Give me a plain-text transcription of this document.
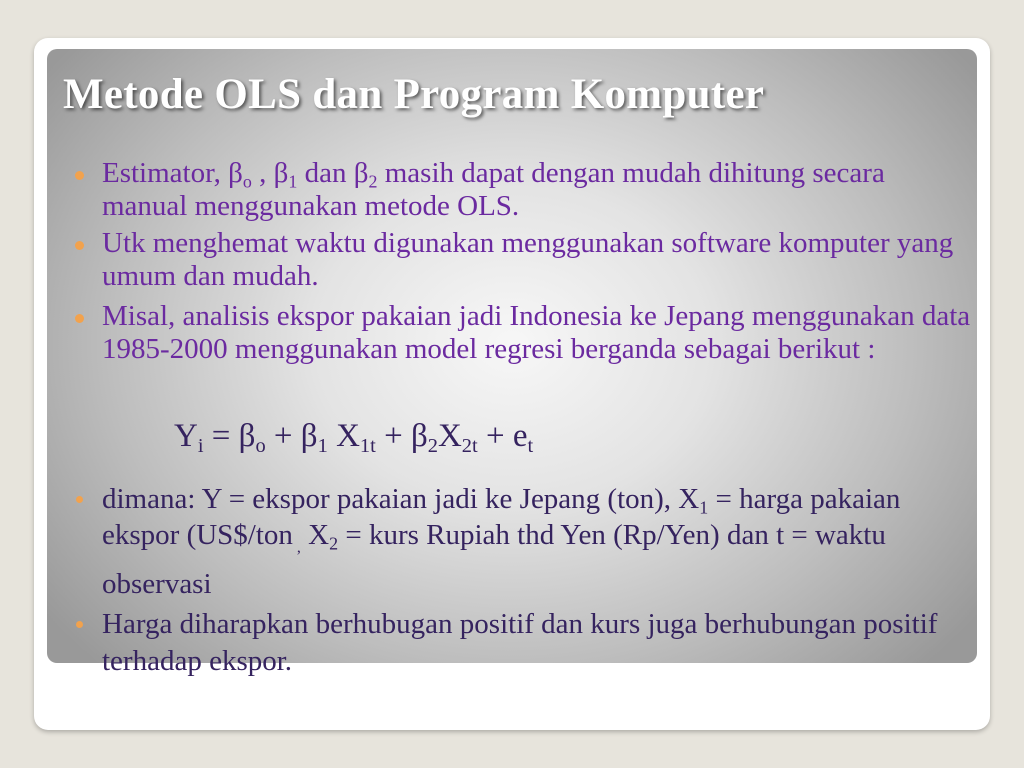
Metode OLS dan Program Komputer
Estimator, $\beta_o$ , $\beta_1$ dan $\beta_2$ masih dapat dengan mudah dihitung secara manual menggunakan metode OLS.
Utk menghemat waktu digunakan menggunakan software komputer yang umum dan mudah.
Misal, analisis ekspor pakaian jadi Indonesia ke Jepang menggunakan data 1985-2000 menggunakan model regresi berganda sebagai berikut :
$Y_i = \beta_o + \beta_1$ $X_{1t} + \beta_2X_{2t} + e_t$
dimana: Y = ekspor pakaian jadi ke Jepang (ton), $X_1$ = harga pakaian ekspor (US$/ton $_,$ $X_2$ = kurs Rupiah thd Yen (Rp/Yen) dan t = waktu observasi
Harga diharapkan berhubugan positif dan kurs juga berhubungan positif terhadap ekspor.
